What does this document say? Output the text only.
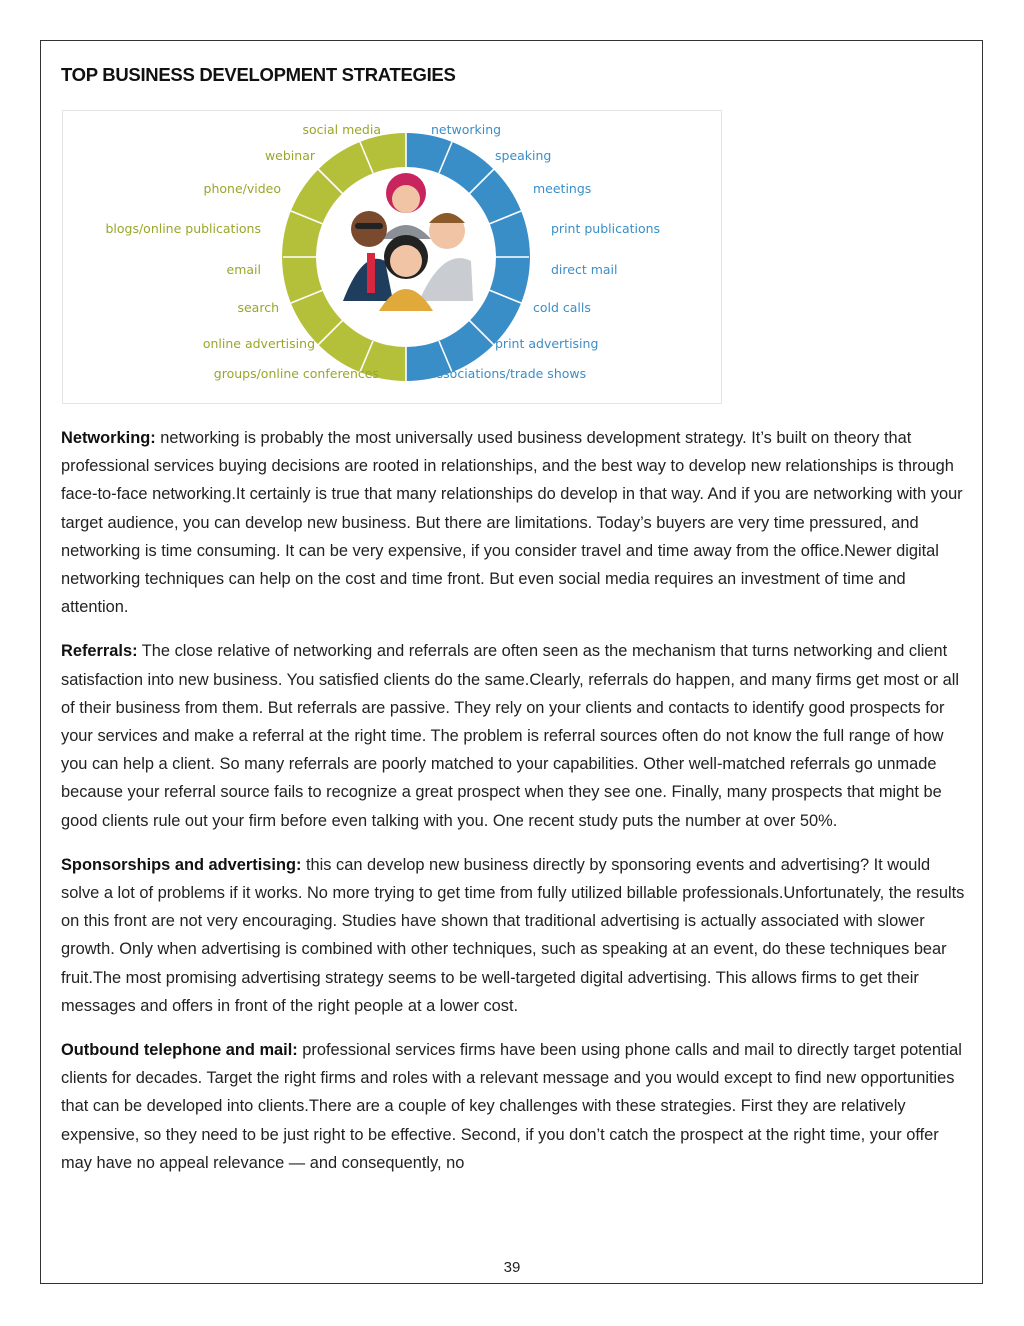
TOP BUSINESS DEVELOPMENT STRATEGIES
social media
webinar
phone/video
blogs/online publications
email
search
online advertising
groups/online conferences
networking
speaking
meetings
print publications
direct mail
cold calls
print advertising
associations/trade shows

Networking: networking is probably the most universally used business development strategy. It’s built on theory that professional services buying decisions are rooted in relationships, and the best way to develop new relationships is through face-to-face networking.It certainly is true that many relationships do develop in that way. And if you are networking with your target audience, you can develop new business. But there are limitations. Today’s buyers are very time pressured, and networking is time consuming. It can be very expensive, if you consider travel and time away from the office.Newer digital networking techniques can help on the cost and time front. But even social media requires an investment of time and attention.

Referrals: The close relative of networking and referrals are often seen as the mechanism that turns networking and client satisfaction into new business. You satisfied clients do the same.Clearly, referrals do happen, and many firms get most or all of their business from them. But referrals are passive. They rely on your clients and contacts to identify good prospects for your services and make a referral at the right time. The problem is referral sources often do not know the full range of how you can help a client. So many referrals are poorly matched to your capabilities. Other well-matched referrals go unmade because your referral source fails to recognize a great prospect when they see one. Finally, many prospects that might be good clients rule out your firm before even talking with you. One recent study puts the number at over 50%.

Sponsorships and advertising: this can develop new business directly by sponsoring events and advertising? It would solve a lot of problems if it works. No more trying to get time from fully utilized billable professionals.Unfortunately, the results on this front are not very encouraging. Studies have shown that traditional advertising is actually associated with slower growth. Only when advertising is combined with other techniques, such as speaking at an event, do these techniques bear fruit.The most promising advertising strategy seems to be well-targeted digital advertising. This allows firms to get their messages and offers in front of the right people at a lower cost.

Outbound telephone and mail: professional services firms have been using phone calls and mail to directly target potential clients for decades. Target the right firms and roles with a relevant message and you would except to find new opportunities that can be developed into clients.There are a couple of key challenges with these strategies. First they are relatively expensive, so they need to be just right to be effective. Second, if you don’t catch the prospect at the right time, your offer may have no appeal relevance — and consequently, no

39
